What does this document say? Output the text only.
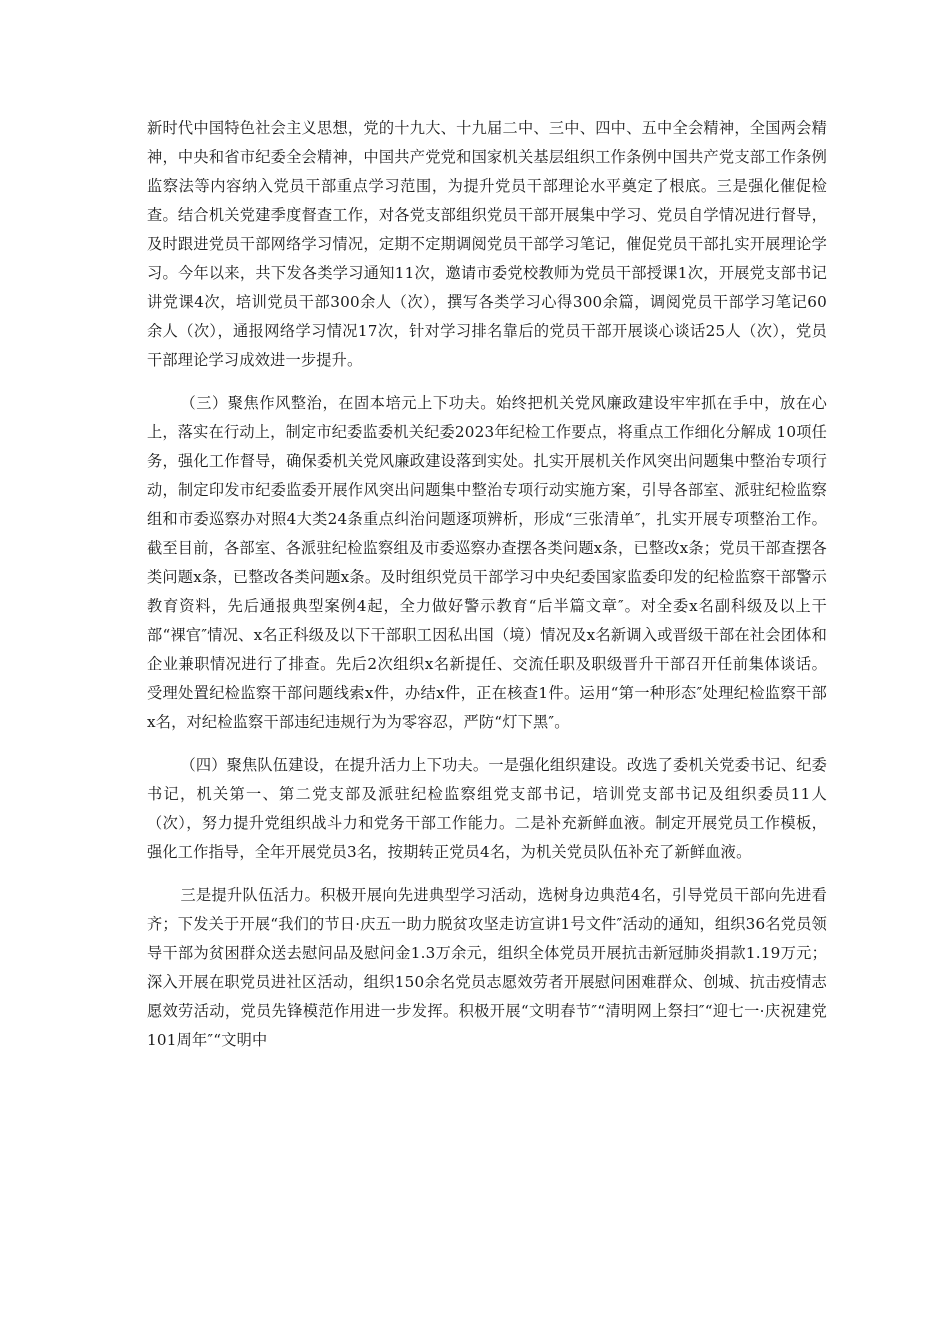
新时代中国特色社会主义思想，党的十九大、十九届二中、三中、四中、五中全会精神，全国两会精神，中央和省市纪委全会精神，中国共产党党和国家机关基层组织工作条例中国共产党支部工作条例监察法等内容纳入党员干部重点学习范围，为提升党员干部理论水平奠定了根底。三是强化催促检查。结合机关党建季度督查工作，对各党支部组织党员干部开展集中学习、党员自学情况进行督导，及时跟进党员干部网络学习情况，定期不定期调阅党员干部学习笔记，催促党员干部扎实开展理论学习。今年以来，共下发各类学习通知11次，邀请市委党校教师为党员干部授课1次，开展党支部书记讲党课4次，培训党员干部300余人（次），撰写各类学习心得300余篇，调阅党员干部学习笔记60余人（次），通报网络学习情况17次，针对学习排名靠后的党员干部开展谈心谈话25人（次），党员干部理论学习成效进一步提升。

（三）聚焦作风整治，在固本培元上下功夫。始终把机关党风廉政建设牢牢抓在手中，放在心上，落实在行动上，制定市纪委监委机关纪委2023年纪检工作要点，将重点工作细化分解成 10项任务，强化工作督导，确保委机关党风廉政建设落到实处。扎实开展机关作风突出问题集中整治专项行动，制定印发市纪委监委开展作风突出问题集中整治专项行动实施方案，引导各部室、派驻纪检监察组和市委巡察办对照4大类24条重点纠治问题逐项辨析，形成“三张清单″，扎实开展专项整治工作。截至目前，各部室、各派驻纪检监察组及市委巡察办查摆各类问题x条，已整改x条；党员干部查摆各类问题x条，已整改各类问题x条。及时组织党员干部学习中央纪委国家监委印发的纪检监察干部警示教育资料，先后通报典型案例4起，全力做好警示教育“后半篇文章″。对全委x名副科级及以上干部“裸官″情况、x名正科级及以下干部职工因私出国（境）情况及x名新调入或晋级干部在社会团体和企业兼职情况进行了排查。先后2次组织x名新提任、交流任职及职级晋升干部召开任前集体谈话。受理处置纪检监察干部问题线索x件，办结x件，正在核查1件。运用“第一种形态″处理纪检监察干部x名，对纪检监察干部违纪违规行为为零容忍，严防“灯下黑″。

（四）聚焦队伍建设，在提升活力上下功夫。一是强化组织建设。改选了委机关党委书记、纪委书记，机关第一、第二党支部及派驻纪检监察组党支部书记，培训党支部书记及组织委员11人（次），努力提升党组织战斗力和党务干部工作能力。二是补充新鲜血液。制定开展党员工作模板，强化工作指导，全年开展党员3名，按期转正党员4名，为机关党员队伍补充了新鲜血液。

三是提升队伍活力。积极开展向先进典型学习活动，选树身边典范4名，引导党员干部向先进看齐；下发关于开展“我们的节日·庆五一助力脱贫攻坚走访宣讲1号文件″活动的通知，组织36名党员领导干部为贫困群众送去慰问品及慰问金1.3万余元，组织全体党员开展抗击新冠肺炎捐款1.19万元；深入开展在职党员进社区活动，组织150余名党员志愿效劳者开展慰问困难群众、创城、抗击疫情志愿效劳活动，党员先锋模范作用进一步发挥。积极开展“文明春节″“清明网上祭扫″“迎七一·庆祝建党101周年″“文明中
